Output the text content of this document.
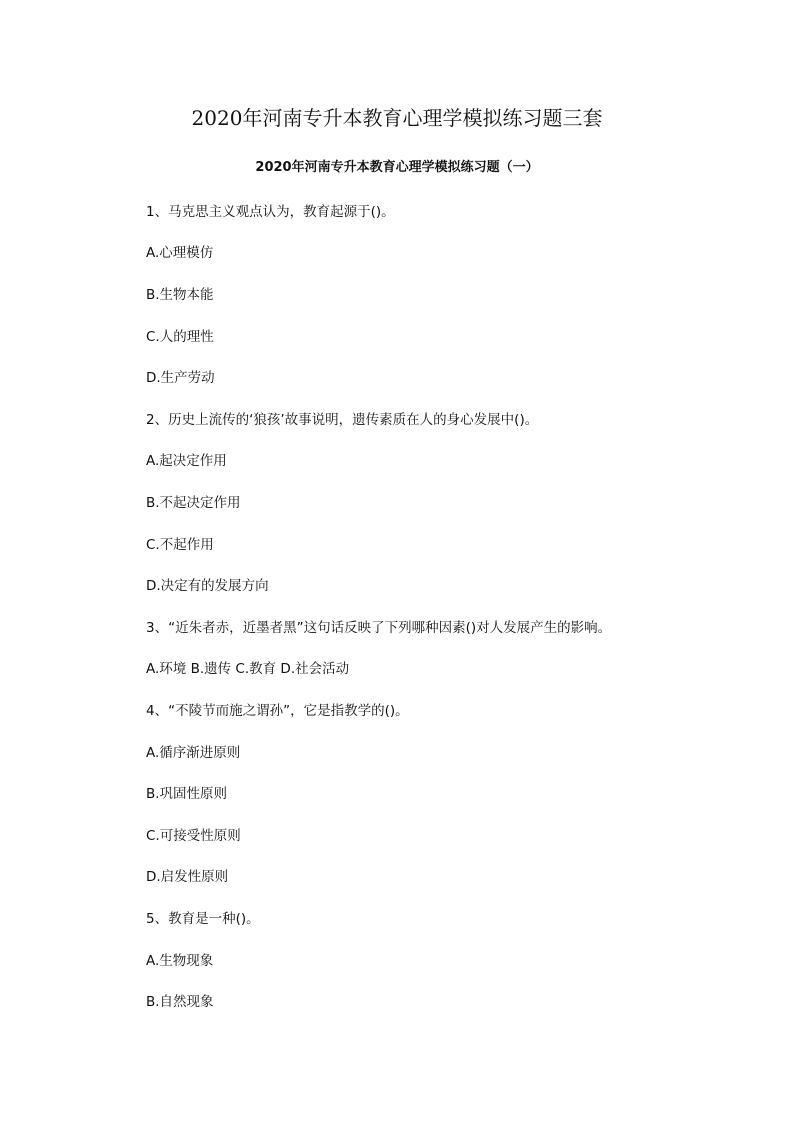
2020年河南专升本教育心理学模拟练习题三套
2020年河南专升本教育心理学模拟练习题（一）
1、马克思主义观点认为，教育起源于()。
A.心理模仿
B.生物本能
C.人的理性
D.生产劳动
2、历史上流传的‘狼孩’故事说明，遗传素质在人的身心发展中()。
A.起决定作用
B.不起决定作用
C.不起作用
D.决定有的发展方向
3、“近朱者赤，近墨者黑”这句话反映了下列哪种因素()对人发展产生的影响。
A.环境 B.遗传 C.教育 D.社会活动
4、“不陵节而施之谓孙”，它是指教学的()。
A.循序渐进原则
B.巩固性原则
C.可接受性原则
D.启发性原则
5、教育是一种()。
A.生物现象
B.自然现象
